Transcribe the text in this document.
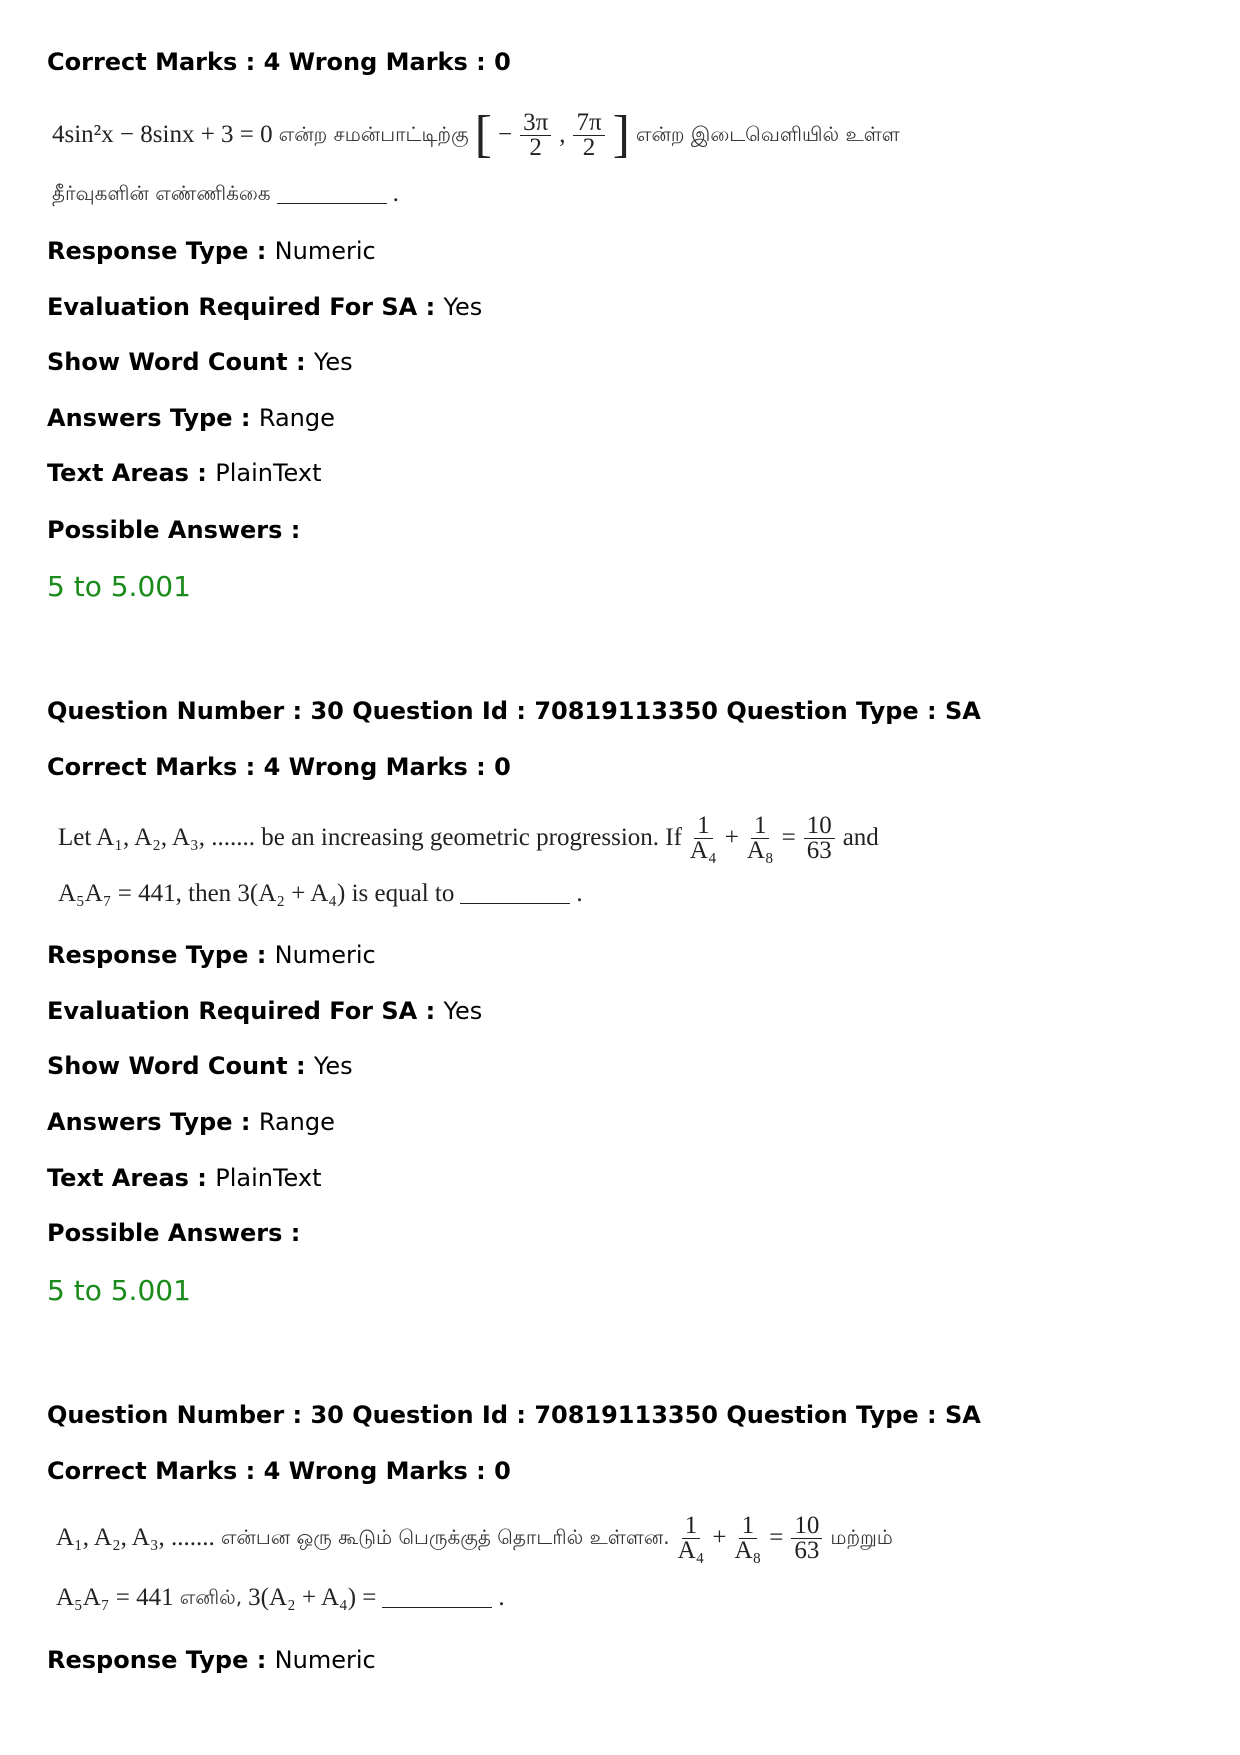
Correct Marks : 4 Wrong Marks : 0
4sin²x − 8sinx + 3 = 0 என்ற சமன்பாட்டிற்கு [ − $\frac{3\pi}{2}$ , $\frac{7\pi}{2}$ ] என்ற இடைவெளியில் உள்ள
தீர்வுகளின் எண்ணிக்கை	.
Response Type : Numeric
Evaluation Required For SA : Yes
Show Word Count : Yes
Answers Type : Range
Text Areas : PlainText
Possible Answers :
5 to 5.001
Question Number : 30 Question Id : 70819113350 Question Type : SA
Correct Marks : 4 Wrong Marks : 0
Let A₁, A₂, A₃, ....... be an increasing geometric progression. If $\frac{1}{\text{A₄}} + \frac{1}{\text{A₈}} = \frac{10}{63}$ and
A₅A₇ = 441, then 3(A₂ + A₄) is equal to	.
Response Type : Numeric
Evaluation Required For SA : Yes
Show Word Count : Yes
Answers Type : Range
Text Areas : PlainText
Possible Answers :
5 to 5.001
Question Number : 30 Question Id : 70819113350 Question Type : SA
Correct Marks : 4 Wrong Marks : 0
A₁, A₂, A₃, ....... என்பன ஒரு கூடும் பெருக்குத் தொடரில் உள்ளன. $\frac{1}{\text{A₄}} + \frac{1}{\text{A₈}} = \frac{10}{63}$ மற்றும்
A₅A₇ = 441 எனில், 3(A₂ + A₄) =	.
Response Type : Numeric
